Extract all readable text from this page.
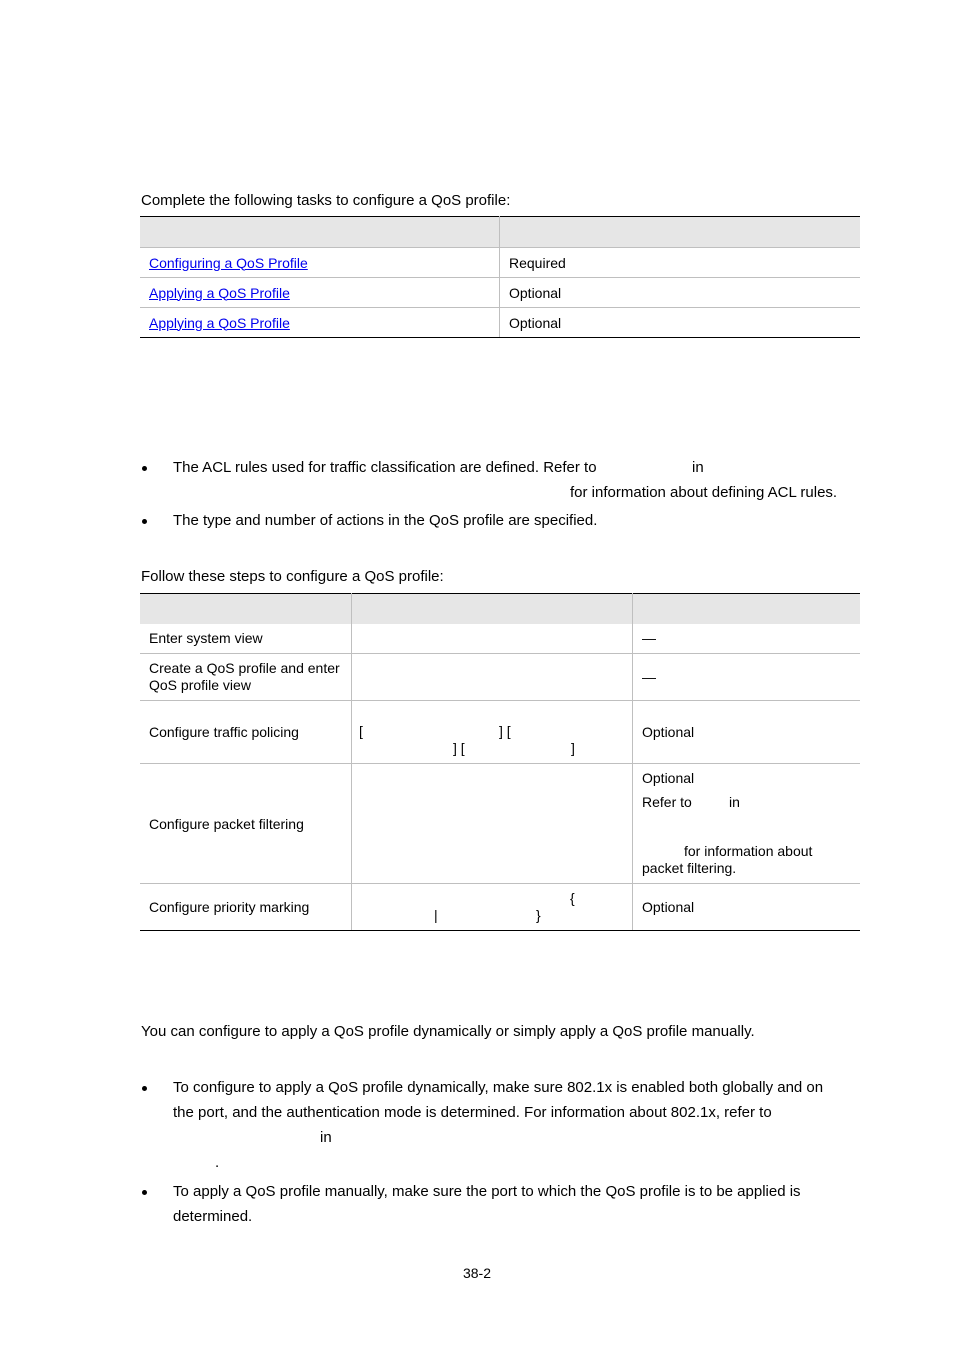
Complete the following tasks to configure a QoS profile:

Configuring a QoS Profile	Required
Applying a QoS Profile	Optional
Applying a QoS Profile	Optional
The ACL rules used for traffic classification are defined. Refer to	in
for information about defining ACL rules.
The type and number of actions in the QoS profile are specified.
Follow these steps to configure a QoS profile:

Enter system view		—

Create a QoS profile and enter
QoS profile view		—
Configure traffic policing	[ ] [
] [ ]	Optional
Configure packet filtering		Optional
Refer to in
for information about
packet filtering.

Configure priority marking	{
| }	Optional
You can configure to apply a QoS profile dynamically or simply apply a QoS profile manually.
To configure to apply a QoS profile dynamically, make sure 802.1x is enabled both globally and on
the port, and the authentication mode is determined. For information about 802.1x, refer to
in
.
To apply a QoS profile manually, make sure the port to which the QoS profile is to be applied is
determined.
38-2
